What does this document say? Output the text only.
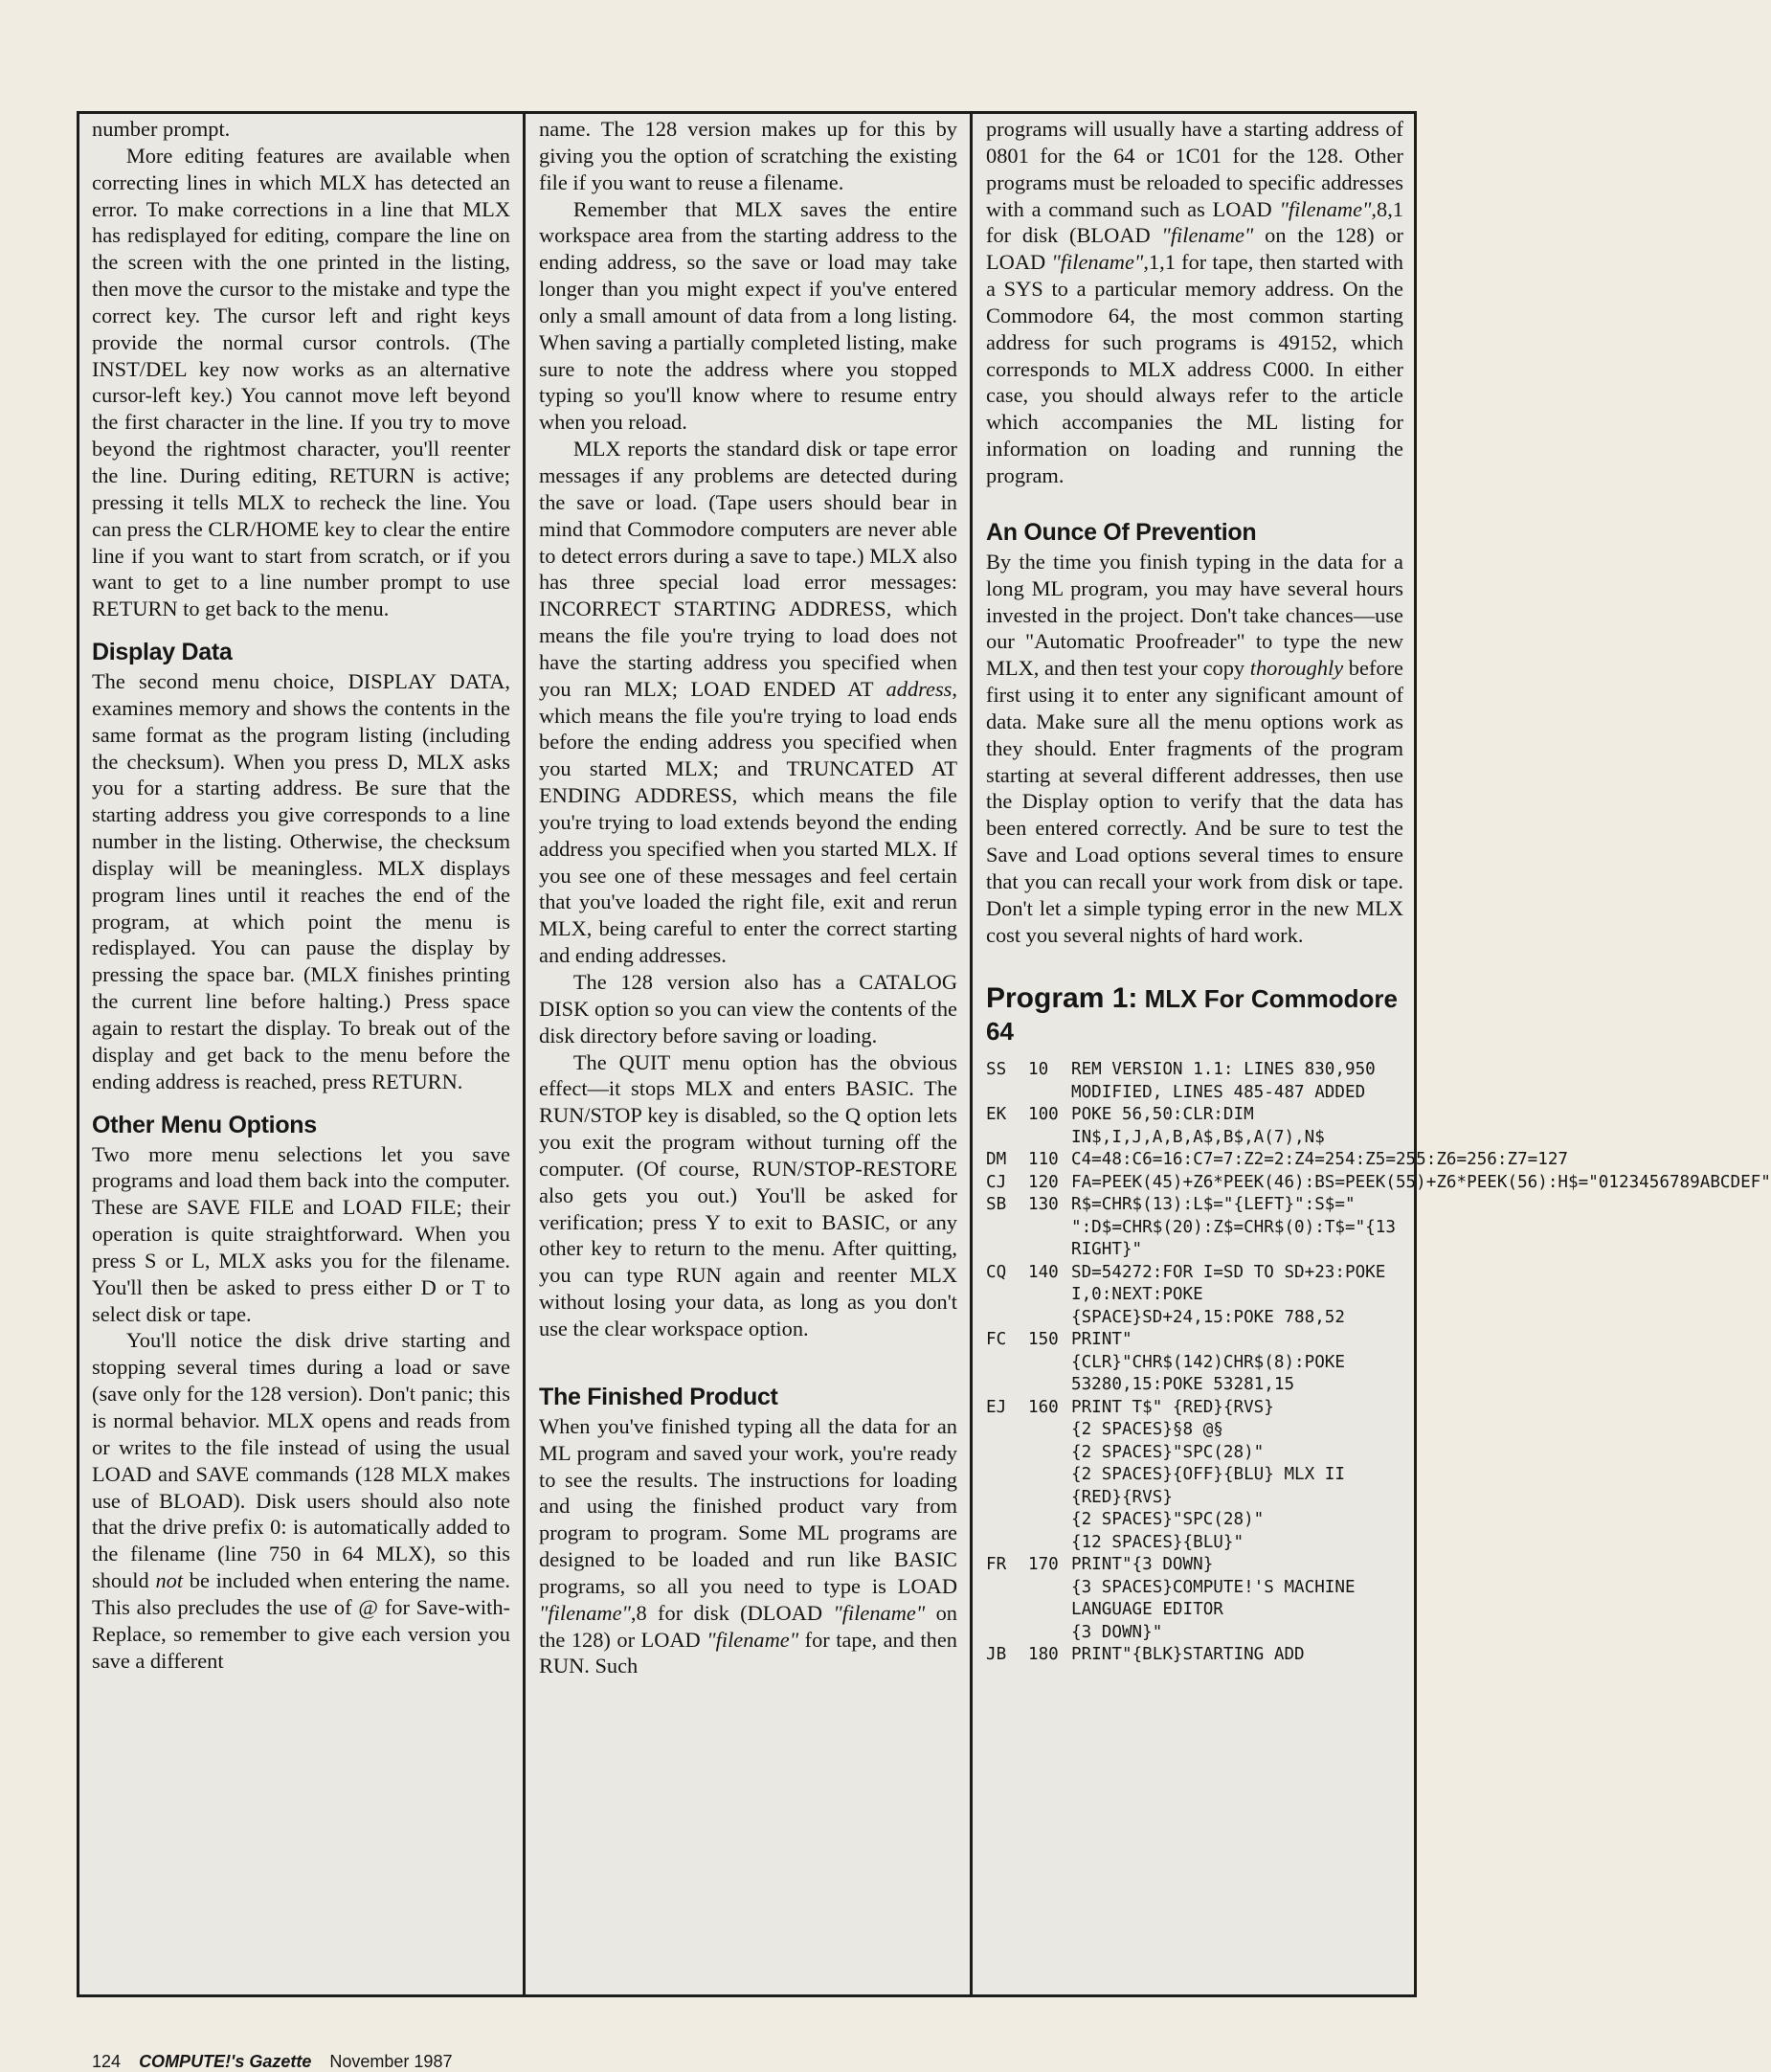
number prompt.

More editing features are available when correcting lines in which MLX has detected an error. To make corrections in a line that MLX has redisplayed for editing, compare the line on the screen with the one printed in the listing, then move the cursor to the mistake and type the correct key. The cursor left and right keys provide the normal cursor controls. (The INST/DEL key now works as an alternative cursor-left key.) You cannot move left beyond the first character in the line. If you try to move beyond the rightmost character, you'll reenter the line. During editing, RETURN is active; pressing it tells MLX to recheck the line. You can press the CLR/HOME key to clear the entire line if you want to start from scratch, or if you want to get to a line number prompt to use RETURN to get back to the menu.

Display Data

The second menu choice, DISPLAY DATA, examines memory and shows the contents in the same format as the program listing (including the checksum). When you press D, MLX asks you for a starting address. Be sure that the starting address you give corresponds to a line number in the listing. Otherwise, the checksum display will be meaningless. MLX displays program lines until it reaches the end of the program, at which point the menu is redisplayed. You can pause the display by pressing the space bar. (MLX finishes printing the current line before halting.) Press space again to restart the display. To break out of the display and get back to the menu before the ending address is reached, press RETURN.

Other Menu Options

Two more menu selections let you save programs and load them back into the computer. These are SAVE FILE and LOAD FILE; their operation is quite straightforward. When you press S or L, MLX asks you for the filename. You'll then be asked to press either D or T to select disk or tape.

You'll notice the disk drive starting and stopping several times during a load or save (save only for the 128 version). Don't panic; this is normal behavior. MLX opens and reads from or writes to the file instead of using the usual LOAD and SAVE commands (128 MLX makes use of BLOAD). Disk users should also note that the drive prefix 0: is automatically added to the filename (line 750 in 64 MLX), so this should not be included when entering the name. This also precludes the use of @ for Save-with-Replace, so remember to give each version you save a different

name. The 128 version makes up for this by giving you the option of scratching the existing file if you want to reuse a filename.

Remember that MLX saves the entire workspace area from the starting address to the ending address, so the save or load may take longer than you might expect if you've entered only a small amount of data from a long listing. When saving a partially completed listing, make sure to note the address where you stopped typing so you'll know where to resume entry when you reload.

MLX reports the standard disk or tape error messages if any problems are detected during the save or load. (Tape users should bear in mind that Commodore computers are never able to detect errors during a save to tape.) MLX also has three special load error messages: INCORRECT STARTING ADDRESS, which means the file you're trying to load does not have the starting address you specified when you ran MLX; LOAD ENDED AT address, which means the file you're trying to load ends before the ending address you specified when you started MLX; and TRUNCATED AT ENDING ADDRESS, which means the file you're trying to load extends beyond the ending address you specified when you started MLX. If you see one of these messages and feel certain that you've loaded the right file, exit and rerun MLX, being careful to enter the correct starting and ending addresses.

The 128 version also has a CATALOG DISK option so you can view the contents of the disk directory before saving or loading.

The QUIT menu option has the obvious effect—it stops MLX and enters BASIC. The RUN/STOP key is disabled, so the Q option lets you exit the program without turning off the computer. (Of course, RUN/STOP-RESTORE also gets you out.) You'll be asked for verification; press Y to exit to BASIC, or any other key to return to the menu. After quitting, you can type RUN again and reenter MLX without losing your data, as long as you don't use the clear workspace option.

The Finished Product

When you've finished typing all the data for an ML program and saved your work, you're ready to see the results. The instructions for loading and using the finished product vary from program to program. Some ML programs are designed to be loaded and run like BASIC programs, so all you need to type is LOAD "filename",8 for disk (DLOAD "filename" on the 128) or LOAD "filename" for tape, and then RUN. Such

programs will usually have a starting address of 0801 for the 64 or 1C01 for the 128. Other programs must be reloaded to specific addresses with a command such as LOAD "filename",8,1 for disk (BLOAD "filename" on the 128) or LOAD "filename",1,1 for tape, then started with a SYS to a particular memory address. On the Commodore 64, the most common starting address for such programs is 49152, which corresponds to MLX address C000. In either case, you should always refer to the article which accompanies the ML listing for information on loading and running the program.

An Ounce Of Prevention

By the time you finish typing in the data for a long ML program, you may have several hours invested in the project. Don't take chances—use our "Automatic Proofreader" to type the new MLX, and then test your copy thoroughly before first using it to enter any significant amount of data. Make sure all the menu options work as they should. Enter fragments of the program starting at several different addresses, then use the Display option to verify that the data has been entered correctly. And be sure to test the Save and Load options several times to ensure that you can recall your work from disk or tape. Don't let a simple typing error in the new MLX cost you several nights of hard work.

Program 1: MLX For Commodore 64
SS	10	REM VERSION 1.1: LINES 830,950 MODIFIED, LINES 485-487 ADDED
EK	100 POKE 56,50:CLR:DIM IN$,I,J,A,B,A$,B$,A(7),N$
DM	110 C4=48:C6=16:C7=7:Z2=2:Z4=254:Z5=255:Z6=256:Z7=127
CJ	120 FA=PEEK(45)+Z6*PEEK(46):BS=PEEK(55)+Z6*PEEK(56):H$="0123456789ABCDEF"
SB	130 R$=CHR$(13):L$="{LEFT}":S$=" ":D$=CHR$(20):Z$=CHR$(0):T$="{13 RIGHT}"
CQ	140 SD=54272:FOR I=SD TO SD+23:POKE I,0:NEXT:POKE {SPACE}SD+24,15:POKE 788,52
FC	150 PRINT"{CLR}"CHR$(142)CHR$(8):POKE 53280,15:POKE 53281,15
EJ	160 PRINT T$" {RED}{RVS}
{2 SPACES}§8 @§
{2 SPACES}"SPC(28)"
{2 SPACES}{OFF}{BLU} MLX II {RED}{RVS}
{2 SPACES}"SPC(28)"
{12 SPACES}{BLU}"
FR	170 PRINT"{3 DOWN}
{3 SPACES}COMPUTE!'S MACHINE LANGUAGE EDITOR
{3 DOWN}"
JB	180 PRINT"{BLK}STARTING ADD
124 COMPUTE!'s Gazette November 1987
